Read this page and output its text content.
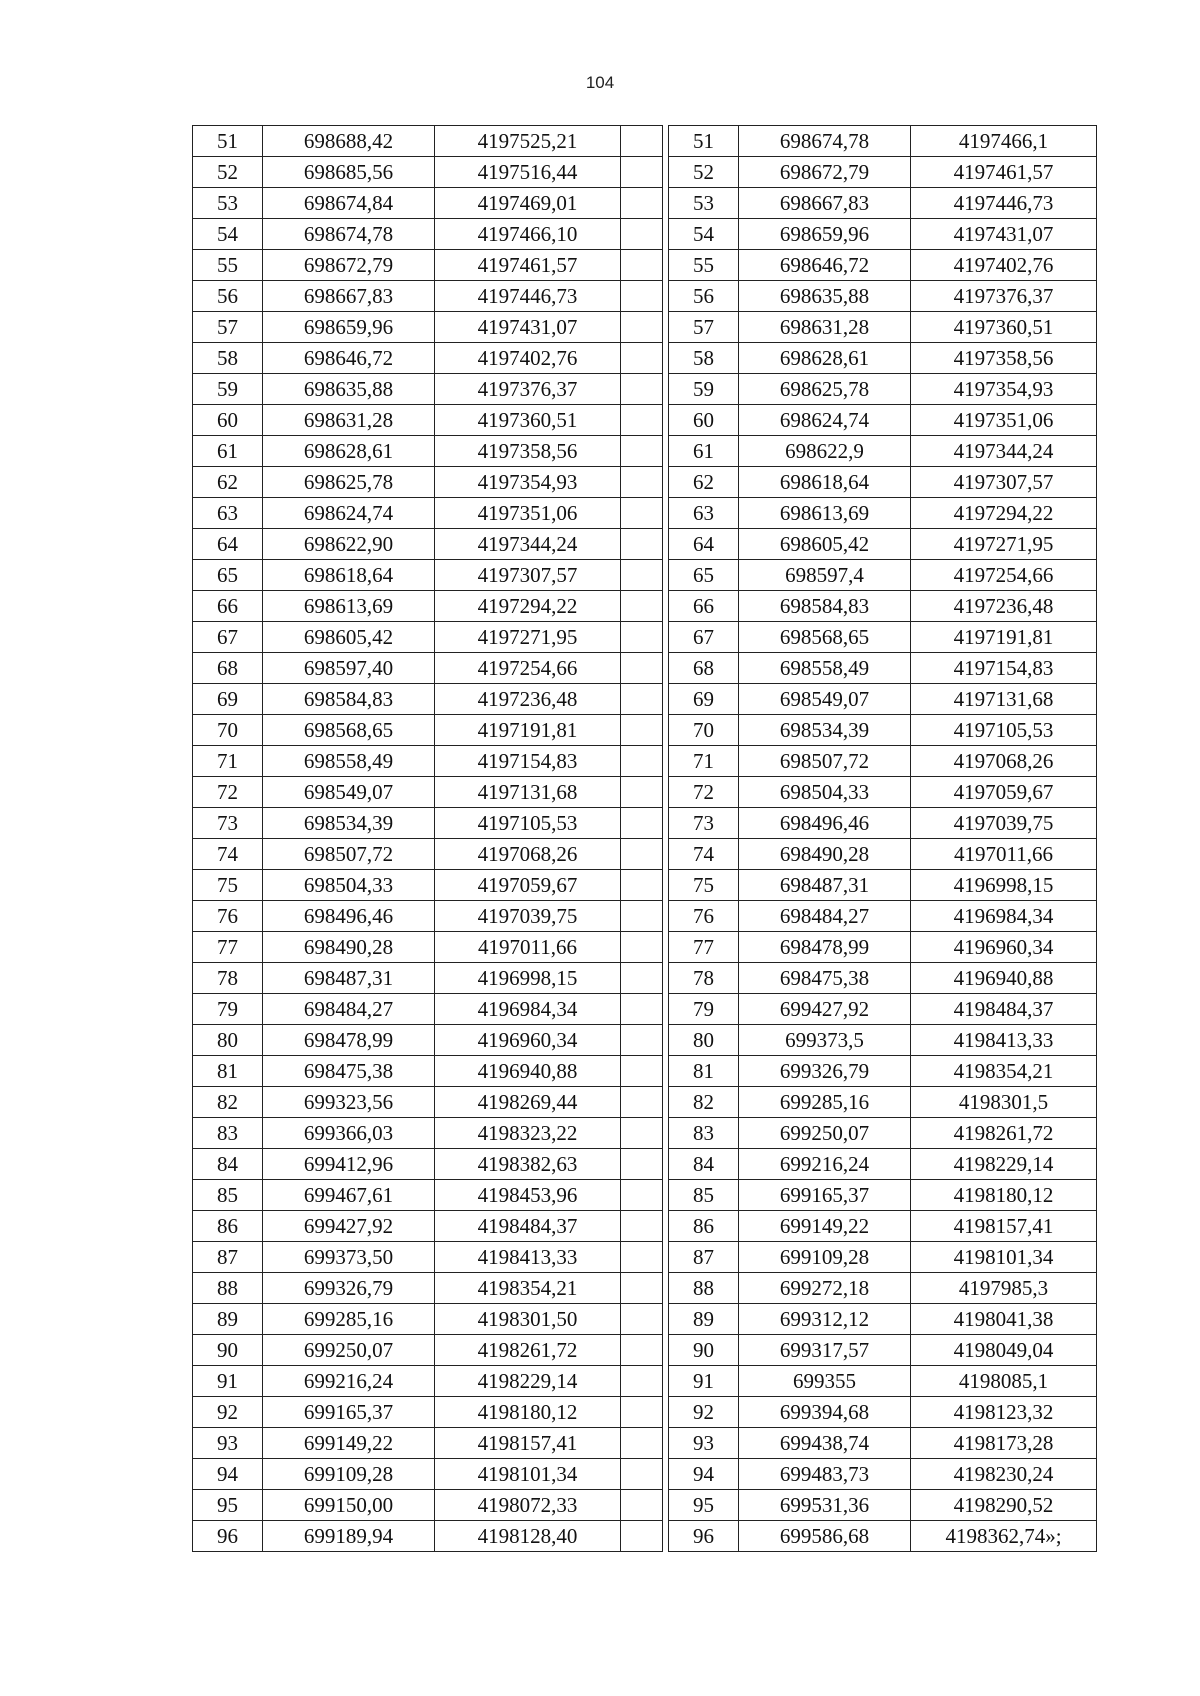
104
51	698688,42	4197525,21	
52	698685,56	4197516,44	
53	698674,84	4197469,01	
54	698674,78	4197466,10	
55	698672,79	4197461,57	
56	698667,83	4197446,73	
57	698659,96	4197431,07	
58	698646,72	4197402,76	
59	698635,88	4197376,37	
60	698631,28	4197360,51	
61	698628,61	4197358,56	
62	698625,78	4197354,93	
63	698624,74	4197351,06	
64	698622,90	4197344,24	
65	698618,64	4197307,57	
66	698613,69	4197294,22	
67	698605,42	4197271,95	
68	698597,40	4197254,66	
69	698584,83	4197236,48	
70	698568,65	4197191,81	
71	698558,49	4197154,83	
72	698549,07	4197131,68	
73	698534,39	4197105,53	
74	698507,72	4197068,26	
75	698504,33	4197059,67	
76	698496,46	4197039,75	
77	698490,28	4197011,66	
78	698487,31	4196998,15	
79	698484,27	4196984,34	
80	698478,99	4196960,34	
81	698475,38	4196940,88	
82	699323,56	4198269,44	
83	699366,03	4198323,22	
84	699412,96	4198382,63	
85	699467,61	4198453,96	
86	699427,92	4198484,37	
87	699373,50	4198413,33	
88	699326,79	4198354,21	
89	699285,16	4198301,50	
90	699250,07	4198261,72	
91	699216,24	4198229,14	
92	699165,37	4198180,12	
93	699149,22	4198157,41	
94	699109,28	4198101,34	
95	699150,00	4198072,33	
96	699189,94	4198128,40	
51	698674,78	4197466,1
52	698672,79	4197461,57
53	698667,83	4197446,73
54	698659,96	4197431,07
55	698646,72	4197402,76
56	698635,88	4197376,37
57	698631,28	4197360,51
58	698628,61	4197358,56
59	698625,78	4197354,93
60	698624,74	4197351,06
61	698622,9	4197344,24
62	698618,64	4197307,57
63	698613,69	4197294,22
64	698605,42	4197271,95
65	698597,4	4197254,66
66	698584,83	4197236,48
67	698568,65	4197191,81
68	698558,49	4197154,83
69	698549,07	4197131,68
70	698534,39	4197105,53
71	698507,72	4197068,26
72	698504,33	4197059,67
73	698496,46	4197039,75
74	698490,28	4197011,66
75	698487,31	4196998,15
76	698484,27	4196984,34
77	698478,99	4196960,34
78	698475,38	4196940,88
79	699427,92	4198484,37
80	699373,5	4198413,33
81	699326,79	4198354,21
82	699285,16	4198301,5
83	699250,07	4198261,72
84	699216,24	4198229,14
85	699165,37	4198180,12
86	699149,22	4198157,41
87	699109,28	4198101,34
88	699272,18	4197985,3
89	699312,12	4198041,38
90	699317,57	4198049,04
91	699355	4198085,1
92	699394,68	4198123,32
93	699438,74	4198173,28
94	699483,73	4198230,24
95	699531,36	4198290,52
96	699586,68	4198362,74»;
